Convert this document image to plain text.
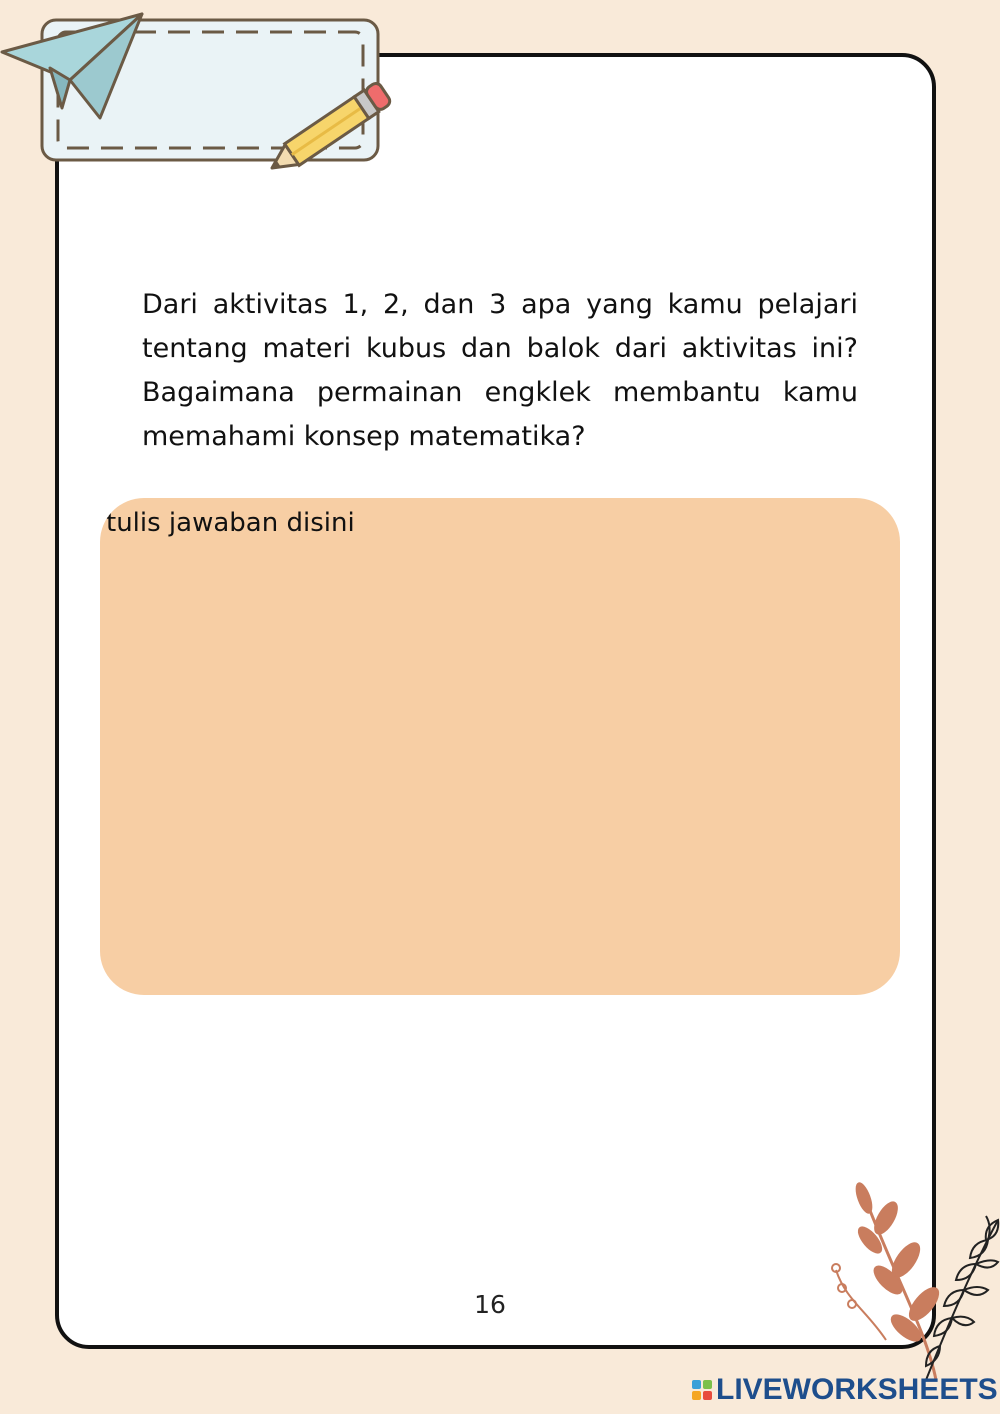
Dari aktivitas 1, 2, dan 3 apa yang kamu pelajari tentang materi kubus dan balok dari aktivitas ini? Bagaimana permainan engklek membantu kamu memahami konsep matematika?

tulis jawaban disini
16
LIVEWORKSHEETS
